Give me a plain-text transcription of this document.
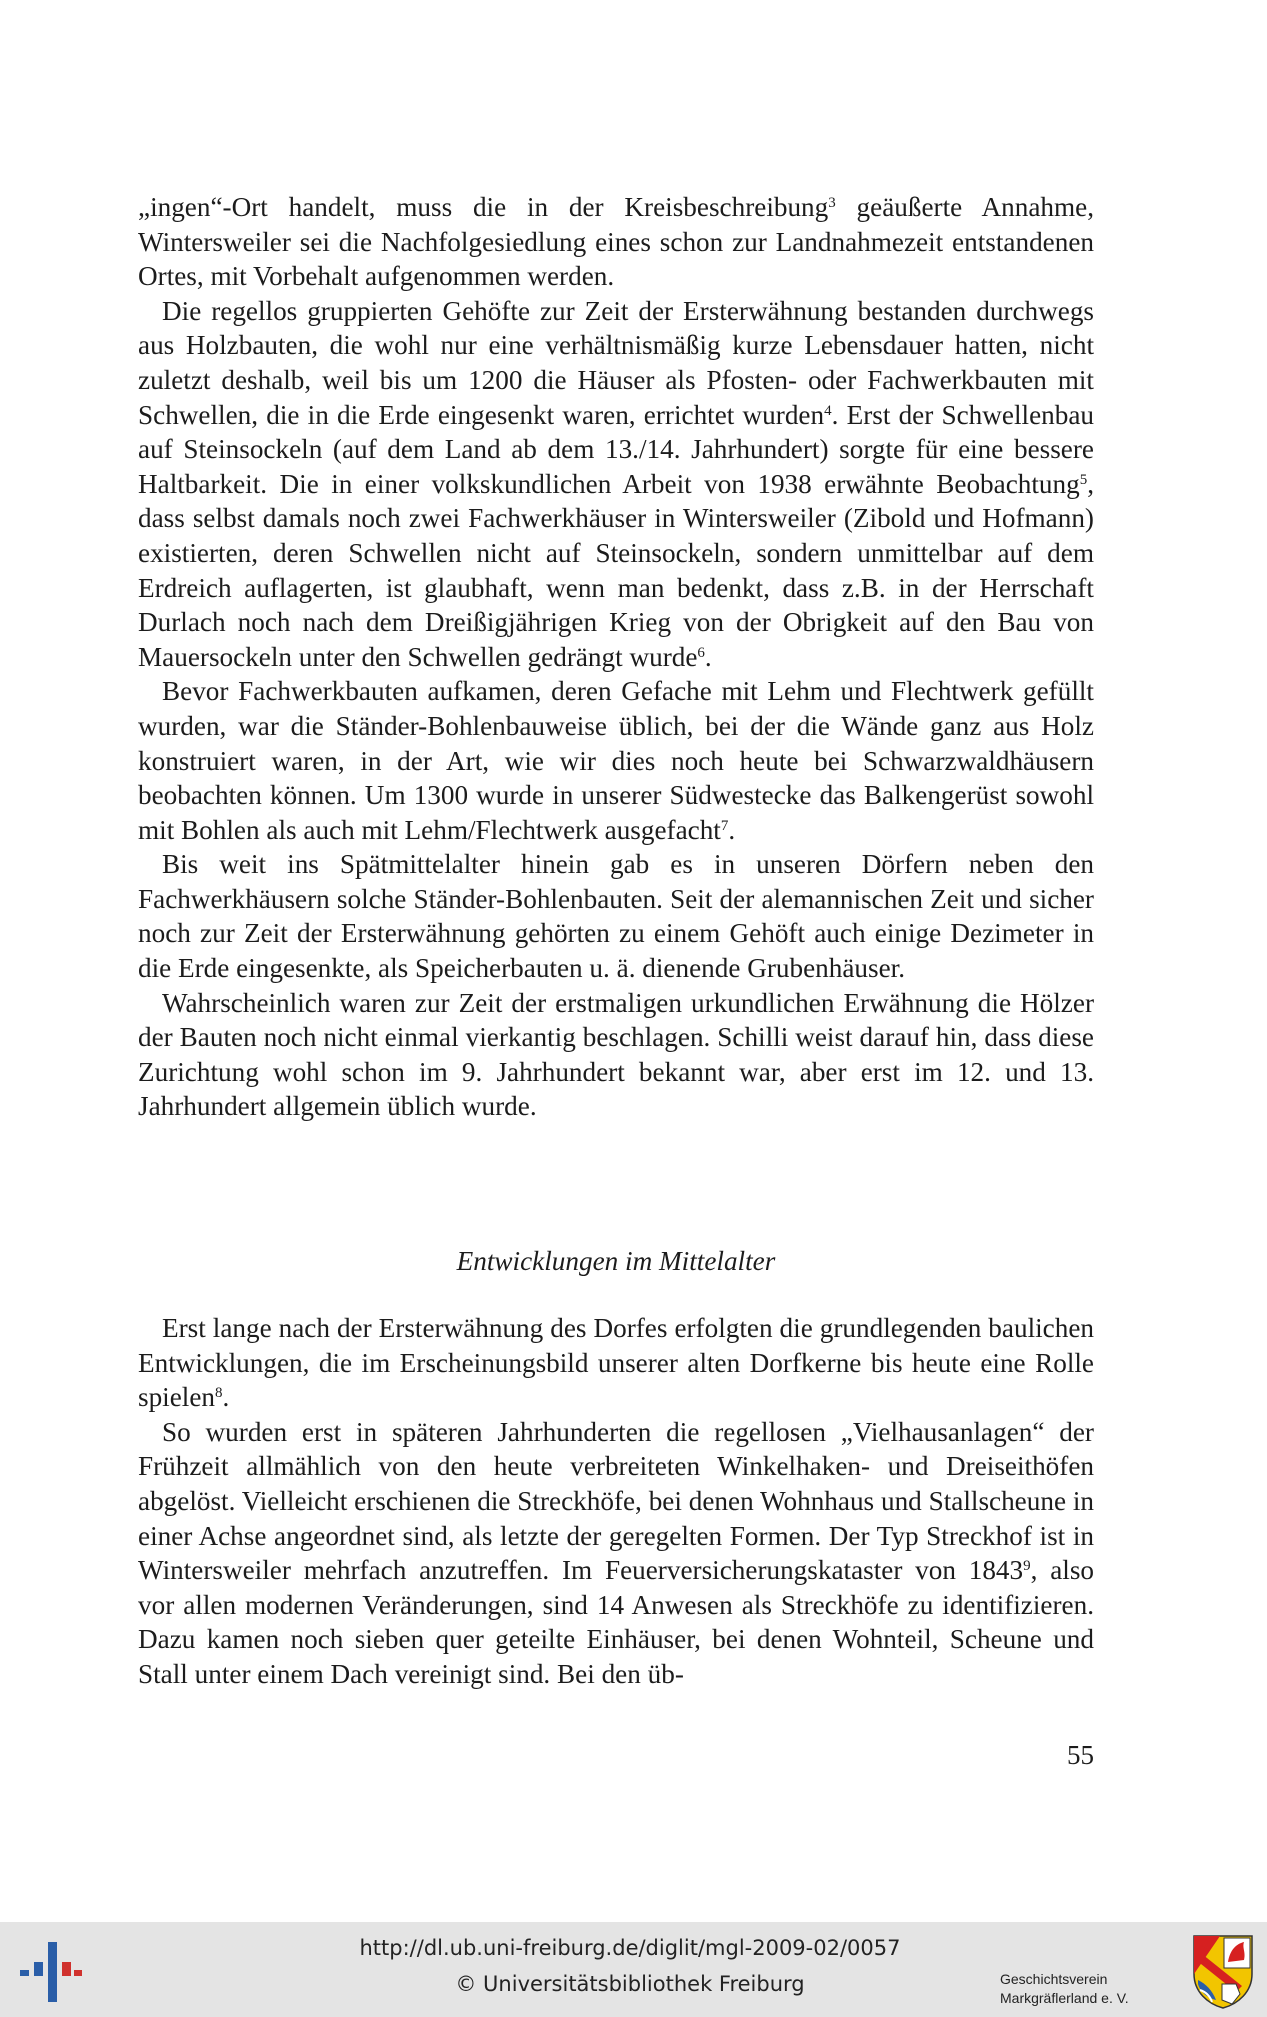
„ingen“-Ort handelt, muss die in der Kreisbeschreibung$^3$ geäußerte Annahme, Wintersweiler sei die Nachfolgesiedlung eines schon zur Landnahmezeit entstandenen Ortes, mit Vorbehalt aufgenommen werden.

Die regellos gruppierten Gehöfte zur Zeit der Ersterwähnung bestanden durchwegs aus Holzbauten, die wohl nur eine verhältnismäßig kurze Lebensdauer hatten, nicht zuletzt deshalb, weil bis um 1200 die Häuser als Pfosten- oder Fachwerkbauten mit Schwellen, die in die Erde eingesenkt waren, errichtet wurden$^4$. Erst der Schwellenbau auf Steinsockeln (auf dem Land ab dem 13./14. Jahrhundert) sorgte für eine bessere Haltbarkeit. Die in einer volkskundlichen Arbeit von 1938 erwähnte Beobachtung$^5$, dass selbst damals noch zwei Fachwerkhäuser in Wintersweiler (Zibold und Hofmann) existierten, deren Schwellen nicht auf Steinsockeln, sondern unmittelbar auf dem Erdreich auflagerten, ist glaubhaft, wenn man bedenkt, dass z.B. in der Herrschaft Durlach noch nach dem Dreißigjährigen Krieg von der Obrigkeit auf den Bau von Mauersockeln unter den Schwellen gedrängt wurde$^6$.

Bevor Fachwerkbauten aufkamen, deren Gefache mit Lehm und Flechtwerk gefüllt wurden, war die Ständer-Bohlenbauweise üblich, bei der die Wände ganz aus Holz konstruiert waren, in der Art, wie wir dies noch heute bei Schwarzwaldhäusern beobachten können. Um 1300 wurde in unserer Südwestecke das Balkengerüst sowohl mit Bohlen als auch mit Lehm/Flechtwerk ausgefacht$^7$.

Bis weit ins Spätmittelalter hinein gab es in unseren Dörfern neben den Fachwerkhäusern solche Ständer-Bohlenbauten. Seit der alemannischen Zeit und sicher noch zur Zeit der Ersterwähnung gehörten zu einem Gehöft auch einige Dezimeter in die Erde eingesenkte, als Speicherbauten u. ä. dienende Grubenhäuser.

Wahrscheinlich waren zur Zeit der erstmaligen urkundlichen Erwähnung die Hölzer der Bauten noch nicht einmal vierkantig beschlagen. Schilli weist darauf hin, dass diese Zurichtung wohl schon im 9. Jahrhundert bekannt war, aber erst im 12. und 13. Jahrhundert allgemein üblich wurde.

Entwicklungen im Mittelalter

Erst lange nach der Ersterwähnung des Dorfes erfolgten die grundlegenden baulichen Entwicklungen, die im Erscheinungsbild unserer alten Dorfkerne bis heute eine Rolle spielen$^8$.

So wurden erst in späteren Jahrhunderten die regellosen „Vielhausanlagen“ der Frühzeit allmählich von den heute verbreiteten Winkelhaken- und Dreiseithöfen abgelöst. Vielleicht erschienen die Streckhöfe, bei denen Wohnhaus und Stallscheune in einer Achse angeordnet sind, als letzte der geregelten Formen. Der Typ Streckhof ist in Wintersweiler mehrfach anzutreffen. Im Feuerversicherungskataster von 1843$^9$, also vor allen modernen Veränderungen, sind 14 Anwesen als Streckhöfe zu identifizieren. Dazu kamen noch sieben quer geteilte Einhäuser, bei denen Wohnteil, Scheune und Stall unter einem Dach vereinigt sind. Bei den üb-

55
http://dl.ub.uni-freiburg.de/diglit/mgl-2009-02/0057
© Universitätsbibliothek Freiburg	Geschichtsverein
Markgräflerland e. V.
